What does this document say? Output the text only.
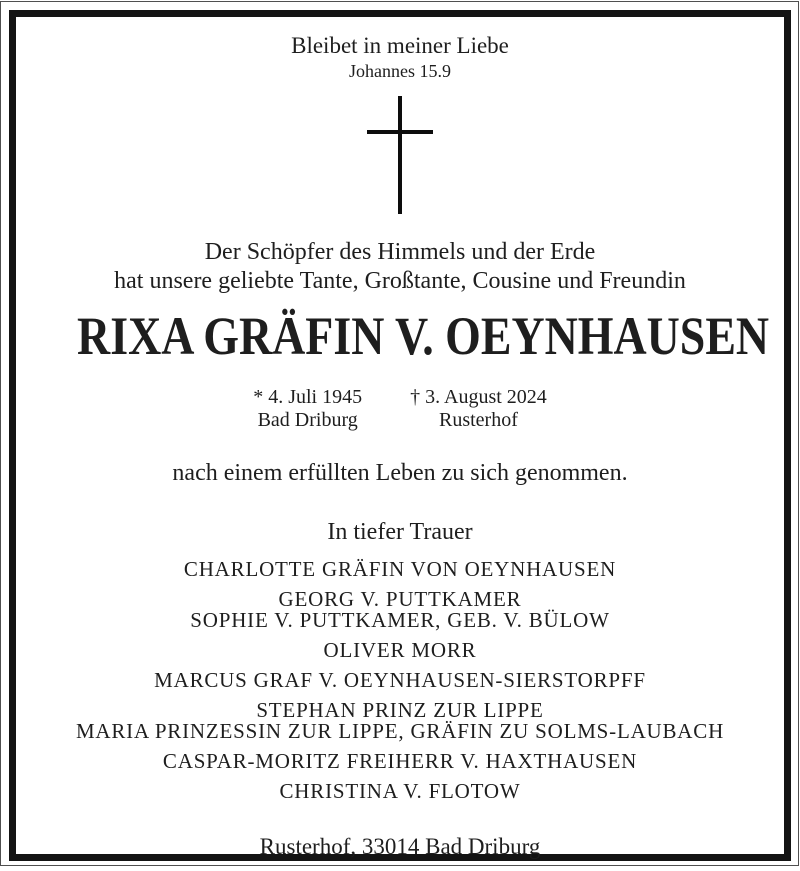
Bleibet in meiner Liebe
Johannes 15.9
Der Schöpfer des Himmels und der Erde
hat unsere geliebte Tante, Großtante, Cousine und Freundin
RIXA GRÄFIN V. OEYNHAUSEN
* 4. Juli 1945
Bad Driburg
† 3. August 2024
Rusterhof
nach einem erfüllten Leben zu sich genommen.
In tiefer Trauer
CHARLOTTE GRÄFIN VON OEYNHAUSEN
GEORG V. PUTTKAMER
SOPHIE V. PUTTKAMER, GEB. V. BÜLOW
OLIVER MORR
MARCUS GRAF V. OEYNHAUSEN-SIERSTORPFF
STEPHAN PRINZ ZUR LIPPE
MARIA PRINZESSIN ZUR LIPPE, GRÄFIN ZU SOLMS-LAUBACH
CASPAR-MORITZ FREIHERR V. HAXTHAUSEN
CHRISTINA V. FLOTOW
Rusterhof, 33014 Bad Driburg
